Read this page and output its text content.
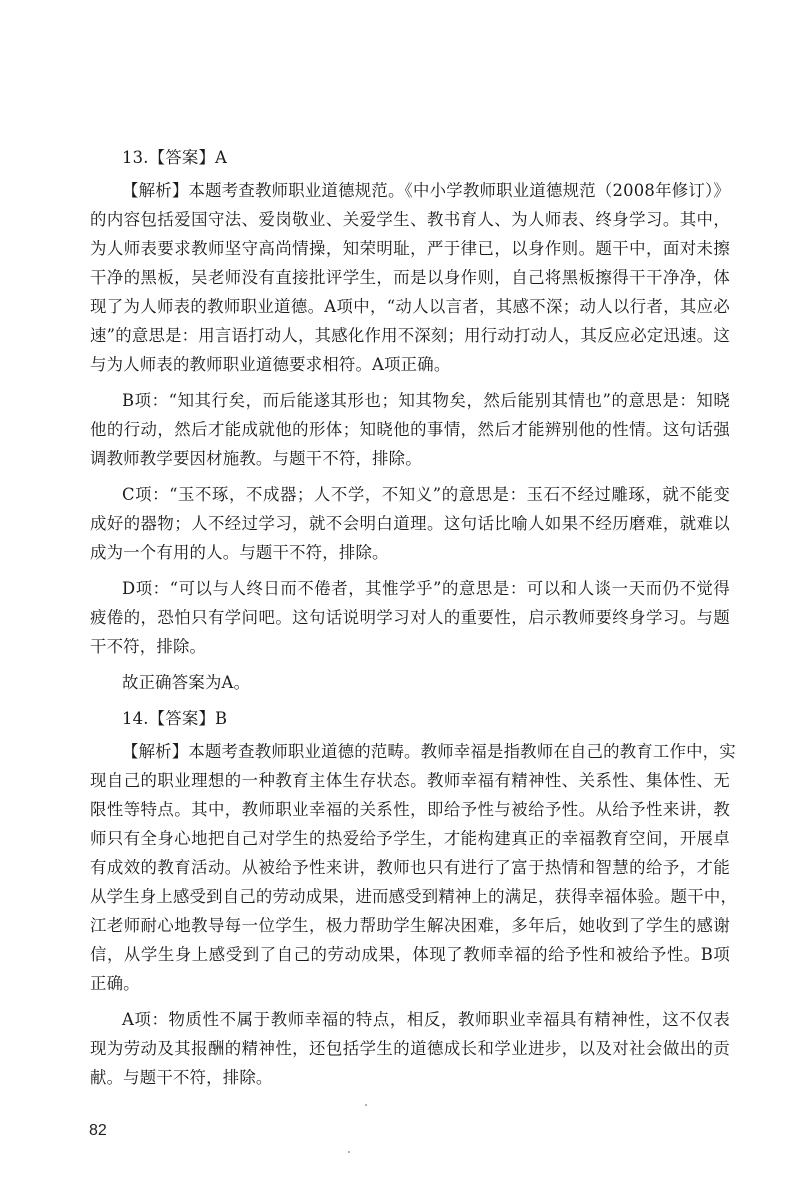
13.【答案】A
【解析】本题考查教师职业道德规范。《中小学教师职业道德规范（2008年修订）》
的内容包括爱国守法、爱岗敬业、关爱学生、教书育人、为人师表、终身学习。其中，
为人师表要求教师坚守高尚情操，知荣明耻，严于律已，以身作则。题干中，面对未擦
干净的黑板，吴老师没有直接批评学生，而是以身作则，自己将黑板擦得干干净净，体
现了为人师表的教师职业道德。A项中，“动人以言者，其感不深；动人以行者，其应必
速”的意思是：用言语打动人，其感化作用不深刻；用行动打动人，其反应必定迅速。这
与为人师表的教师职业道德要求相符。A项正确。
B项：“知其行矣，而后能遂其形也；知其物矣，然后能别其情也”的意思是：知晓
他的行动，然后才能成就他的形体；知晓他的事情，然后才能辨别他的性情。这句话强
调教师教学要因材施教。与题干不符，排除。
C项：“玉不琢，不成器；人不学，不知义”的意思是：玉石不经过雕琢，就不能变
成好的器物；人不经过学习，就不会明白道理。这句话比喻人如果不经历磨难，就难以
成为一个有用的人。与题干不符，排除。
D项：“可以与人终日而不倦者，其惟学乎”的意思是：可以和人谈一天而仍不觉得
疲倦的，恐怕只有学问吧。这句话说明学习对人的重要性，启示教师要终身学习。与题
干不符，排除。
故正确答案为A。
14.【答案】B
【解析】本题考查教师职业道德的范畴。教师幸福是指教师在自己的教育工作中，实
现自己的职业理想的一种教育主体生存状态。教师幸福有精神性、关系性、集体性、无
限性等特点。其中，教师职业幸福的关系性，即给予性与被给予性。从给予性来讲，教
师只有全身心地把自己对学生的热爱给予学生，才能构建真正的幸福教育空间，开展卓
有成效的教育活动。从被给予性来讲，教师也只有进行了富于热情和智慧的给予，才能
从学生身上感受到自己的劳动成果，进而感受到精神上的满足，获得幸福体验。题干中，
江老师耐心地教导每一位学生，极力帮助学生解决困难，多年后，她收到了学生的感谢
信，从学生身上感受到了自己的劳动成果，体现了教师幸福的给予性和被给予性。B项
正确。
A项：物质性不属于教师幸福的特点，相反，教师职业幸福具有精神性，这不仅表
现为劳动及其报酬的精神性，还包括学生的道德成长和学业进步，以及对社会做出的贡
献。与题干不符，排除。
82
